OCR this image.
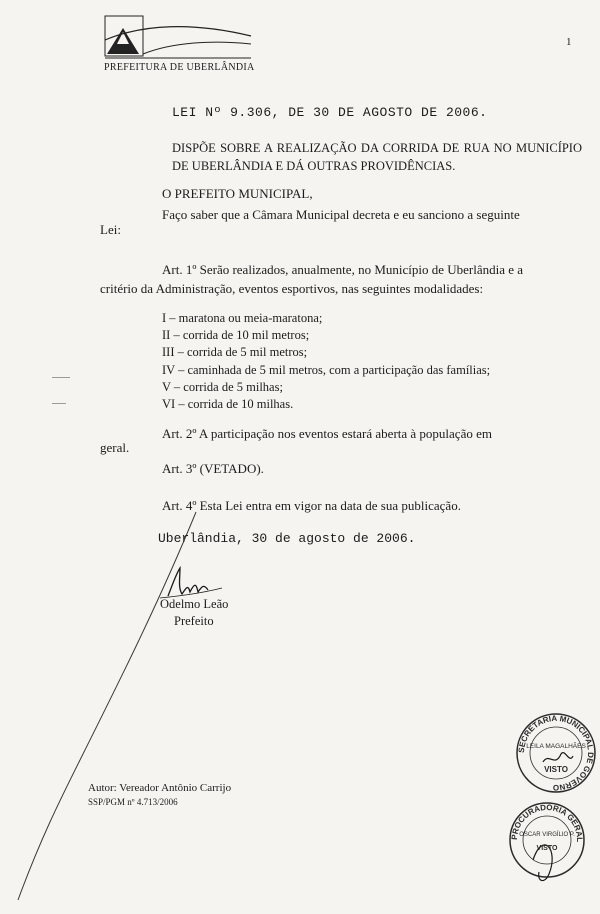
PREFEITURA DE UBERLÂNDIA
1
LEI Nº 9.306, DE 30 DE AGOSTO DE 2006.
DISPÕE SOBRE A REALIZAÇÃO DA CORRIDA DE RUA NO MUNICÍPIO DE UBERLÂNDIA E DÁ OUTRAS PROVIDÊNCIAS.
O PREFEITO MUNICIPAL,
Faço saber que a Câmara Municipal decreta e eu sanciono a seguinte
Lei:
Art. 1º Serão realizados, anualmente, no Município de Uberlândia e a
critério da Administração, eventos esportivos, nas seguintes modalidades:
I – maratona ou meia-maratona;
II – corrida de 10 mil metros;
III – corrida de 5 mil metros;
IV – caminhada de 5 mil metros, com a participação das famílias;
V – corrida de 5 milhas;
VI – corrida de 10 milhas.
Art. 2º A participação nos eventos estará aberta à população em
geral.
Art. 3º (VETADO).
Art. 4º Esta Lei entra em vigor na data de sua publicação.
Uberlândia, 30 de agosto de 2006.
Odelmo Leão
Prefeito
Autor: Vereador Antônio Carrijo
SSP/PGM nº 4.713/2006
SECRETARIA MUNICIPAL DE GOVERNO
LEILA MAGALHÃES
VISTO
PROCURADORIA GERAL
OSCAR VIRGÍLIO P.
VISTO
